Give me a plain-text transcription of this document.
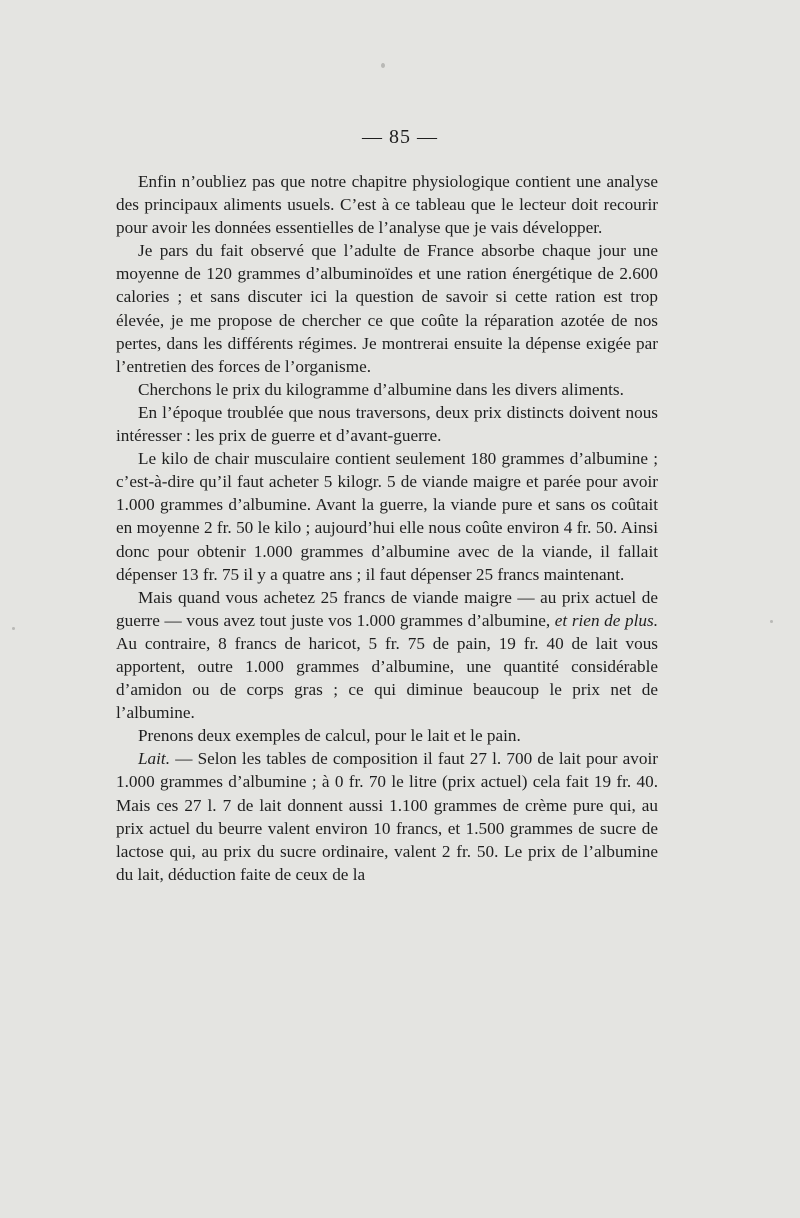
— 85 —

Enfin n’oubliez pas que notre chapitre physiologique contient une analyse des principaux aliments usuels. C’est à ce tableau que le lecteur doit recourir pour avoir les données essentielles de l’analyse que je vais développer.

Je pars du fait observé que l’adulte de France absorbe chaque jour une moyenne de 120 grammes d’albuminoïdes et une ration énergétique de 2.600 calories ; et sans discuter ici la question de savoir si cette ration est trop élevée, je me propose de chercher ce que coûte la réparation azotée de nos pertes, dans les différents régimes. Je montrerai ensuite la dépense exigée par l’entretien des forces de l’organisme.

Cherchons le prix du kilogramme d’albumine dans les divers aliments.

En l’époque troublée que nous traversons, deux prix distincts doivent nous intéresser : les prix de guerre et d’avant-guerre.

Le kilo de chair musculaire contient seulement 180 grammes d’albumine ; c’est-à-dire qu’il faut acheter 5 kilogr. 5 de viande maigre et parée pour avoir 1.000 grammes d’albumine. Avant la guerre, la viande pure et sans os coûtait en moyenne 2 fr. 50 le kilo ; aujourd’hui elle nous coûte environ 4 fr. 50. Ainsi donc pour obtenir 1.000 grammes d’albumine avec de la viande, il fallait dépenser 13 fr. 75 il y a quatre ans ; il faut dépenser 25 francs maintenant.

Mais quand vous achetez 25 francs de viande maigre — au prix actuel de guerre — vous avez tout juste vos 1.000 grammes d’albumine, et rien de plus. Au contraire, 8 francs de haricot, 5 fr. 75 de pain, 19 fr. 40 de lait vous apportent, outre 1.000 grammes d’albumine, une quantité considérable d’amidon ou de corps gras ; ce qui diminue beaucoup le prix net de l’albumine.

Prenons deux exemples de calcul, pour le lait et le pain.

Lait. — Selon les tables de composition il faut 27 l. 700 de lait pour avoir 1.000 grammes d’albumine ; à 0 fr. 70 le litre (prix actuel) cela fait 19 fr. 40. Mais ces 27 l. 7 de lait donnent aussi 1.100 grammes de crème pure qui, au prix actuel du beurre valent environ 10 francs, et 1.500 grammes de sucre de lactose qui, au prix du sucre ordinaire, valent 2 fr. 50. Le prix de l’albumine du lait, déduction faite de ceux de la
